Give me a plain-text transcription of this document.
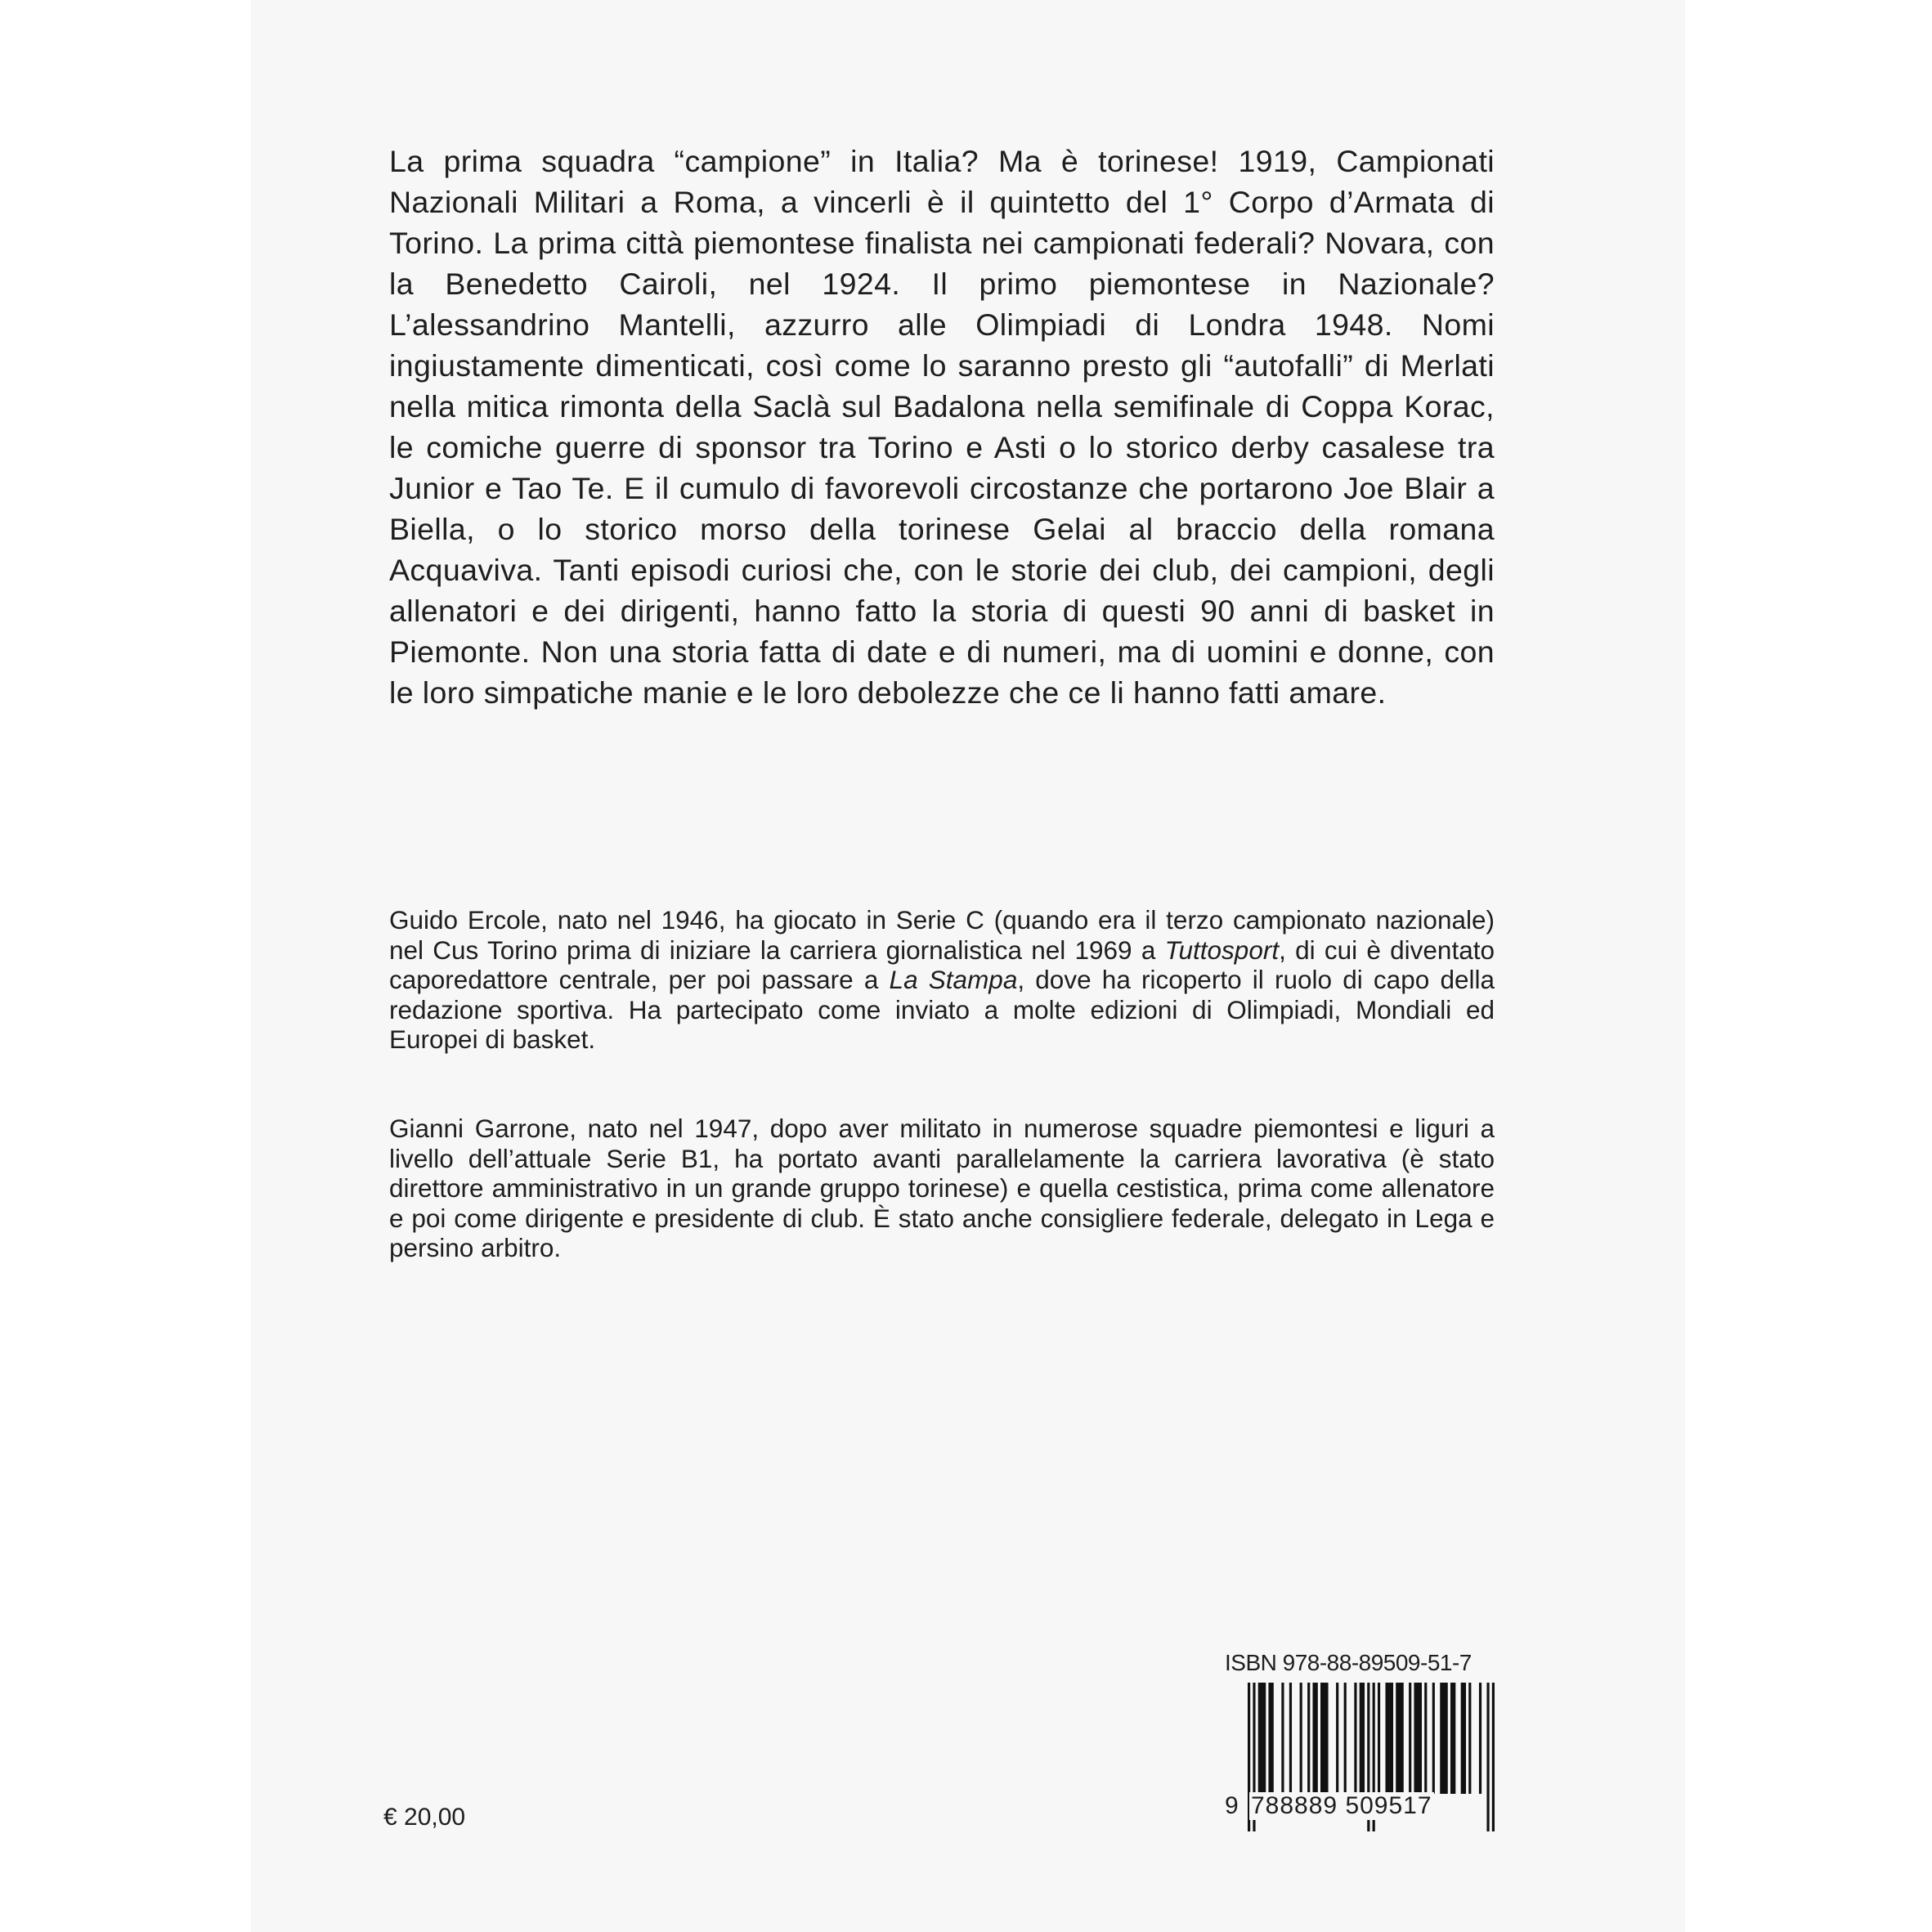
La prima squadra “campione” in Italia? Ma è torinese! 1919, Campionati Nazionali Militari a Roma, a vincerli è il quintetto del 1° Corpo d’Armata di Torino. La prima città piemontese finalista nei campionati federali? Novara, con la Benedetto Cairoli, nel 1924. Il primo piemontese in Nazionale? L’alessandrino Mantelli, azzurro alle Olimpiadi di Londra 1948. Nomi ingiustamente dimenticati, così come lo saranno presto gli “autofalli” di Merlati nella mitica rimonta della Saclà sul Badalona nella semifinale di Coppa Korac, le comiche guerre di sponsor tra Torino e Asti o lo storico derby casalese tra Junior e Tao Te. E il cumulo di favorevoli circostanze che portarono Joe Blair a Biella, o lo storico morso della torinese Gelai al braccio della romana Acquaviva. Tanti episodi curiosi che, con le storie dei club, dei campioni, degli allenatori e dei dirigenti, hanno fatto la storia di questi 90 anni di basket in Piemonte. Non una storia fatta di date e di numeri, ma di uomini e donne, con le loro simpatiche manie e le loro debolezze che ce li hanno fatti amare.

Guido Ercole, nato nel 1946, ha giocato in Serie C (quando era il terzo campionato nazionale) nel Cus Torino prima di iniziare la carriera giornalistica nel 1969 a Tuttosport, di cui è diventato caporedattore centrale, per poi passare a La Stampa, dove ha ricoperto il ruolo di capo della redazione sportiva. Ha partecipato come inviato a molte edizioni di Olimpiadi, Mondiali ed Europei di basket.

Gianni Garrone, nato nel 1947, dopo aver militato in numerose squadre piemontesi e liguri a livello dell’attuale Serie B1, ha portato avanti parallelamente la carriera lavorativa (è stato direttore amministrativo in un grande gruppo torinese) e quella cestistica, prima come allenatore e poi come dirigente e presidente di club. È stato anche consigliere federale, delegato in Lega e persino arbitro.

€ 20,00

ISBN 978-88-89509-51-7
9 788889 509517
